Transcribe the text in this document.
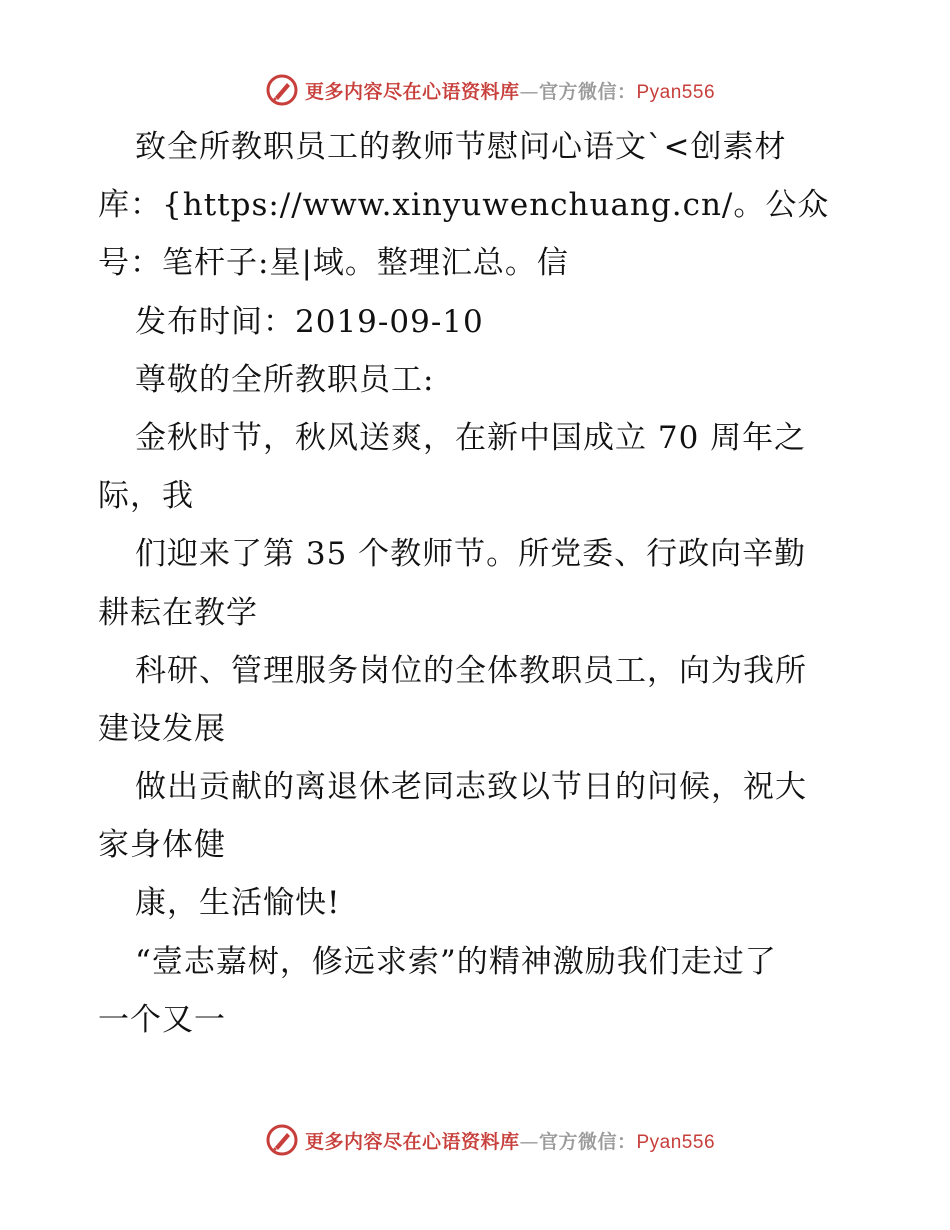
更多内容尽在心语资料库—官方微信：Pyan556
致全所教职员工的教师节慰问心语文`<创素材
库：{https://www.xinyuwenchuang.cn/。公众
号：笔杆子:星|域。整理汇总。信
发布时间：2019-09-10
尊敬的全所教职员工:
金秋时节，秋风送爽，在新中国成立 70 周年之
际，我
们迎来了第 35 个教师节。所党委、行政向辛勤
耕耘在教学
科研、管理服务岗位的全体教职员工，向为我所
建设发展
做出贡献的离退休老同志致以节日的问候，祝大
家身体健
康，生活愉快!
“壹志嘉树，修远求索”的精神激励我们走过了
一个又一
更多内容尽在心语资料库—官方微信：Pyan556
